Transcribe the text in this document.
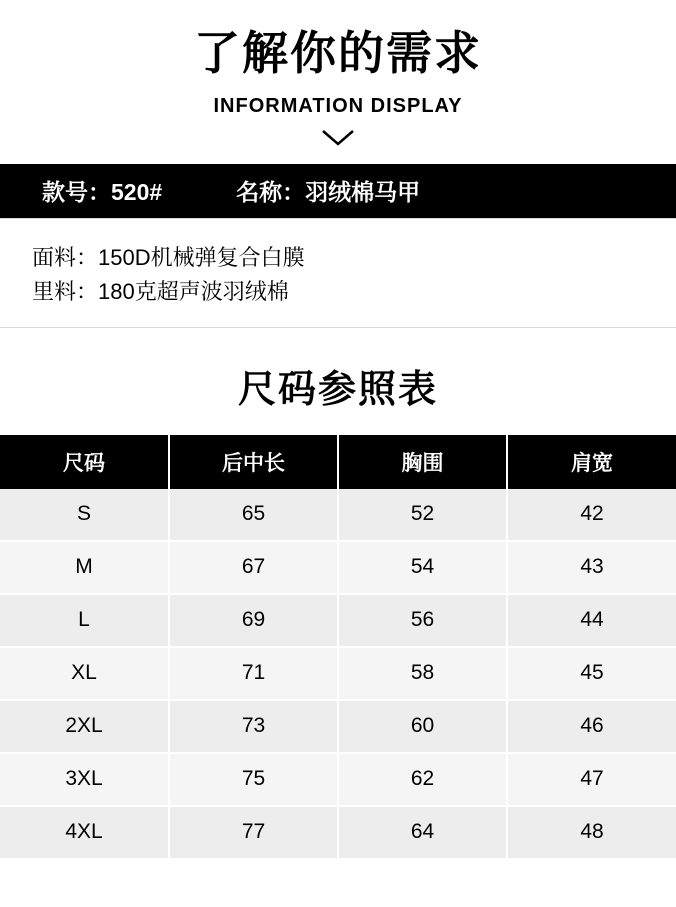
了解你的需求
INFORMATION DISPLAY
款号：520#	名称：羽绒棉马甲
面料：150D机械弹复合白膜
里料：180克超声波羽绒棉
尺码参照表
尺码	后中长	胸围	肩宽
S	65	52	42
M	67	54	43
L	69	56	44
XL	71	58	45
2XL	73	60	46
3XL	75	62	47
4XL	77	64	48
